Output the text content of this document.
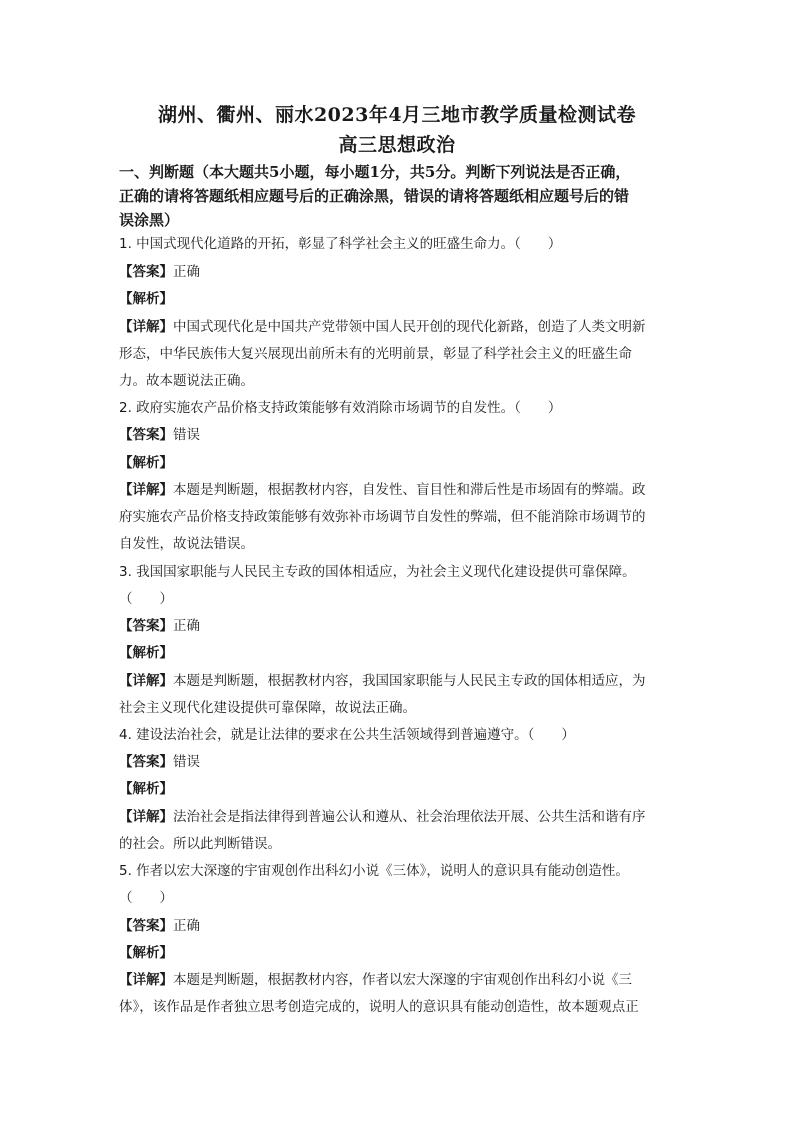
湖州、衢州、丽水2023年4月三地市教学质量检测试卷
高三思想政治
一、判断题（本大题共5小题，每小题1分，共5分。判断下列说法是否正确，
正确的请将答题纸相应题号后的正确涂黑，错误的请将答题纸相应题号后的错
误涂黑）
1. 中国式现代化道路的开拓，彰显了科学社会主义的旺盛生命力。（　　）
【答案】正确
【解析】
【详解】中国式现代化是中国共产党带领中国人民开创的现代化新路，创造了人类文明新
形态，中华民族伟大复兴展现出前所未有的光明前景，彰显了科学社会主义的旺盛生命
力。故本题说法正确。
2. 政府实施农产品价格支持政策能够有效消除市场调节的自发性。（　　）
【答案】错误
【解析】
【详解】本题是判断题，根据教材内容，自发性、盲目性和滞后性是市场固有的弊端。政
府实施农产品价格支持政策能够有效弥补市场调节自发性的弊端，但不能消除市场调节的
自发性，故说法错误。
3. 我国国家职能与人民民主专政的国体相适应，为社会主义现代化建设提供可靠保障。
（　　）
【答案】正确
【解析】
【详解】本题是判断题，根据教材内容，我国国家职能与人民民主专政的国体相适应，为
社会主义现代化建设提供可靠保障，故说法正确。
4. 建设法治社会，就是让法律的要求在公共生活领域得到普遍遵守。（　　）
【答案】错误
【解析】
【详解】法治社会是指法律得到普遍公认和遵从、社会治理依法开展、公共生活和谐有序
的社会。所以此判断错误。
5. 作者以宏大深邃的宇宙观创作出科幻小说《三体》，说明人的意识具有能动创造性。
（　　）
【答案】正确
【解析】
【详解】本题是判断题，根据教材内容，作者以宏大深邃的宇宙观创作出科幻小说《三
体》，该作品是作者独立思考创造完成的，说明人的意识具有能动创造性，故本题观点正
